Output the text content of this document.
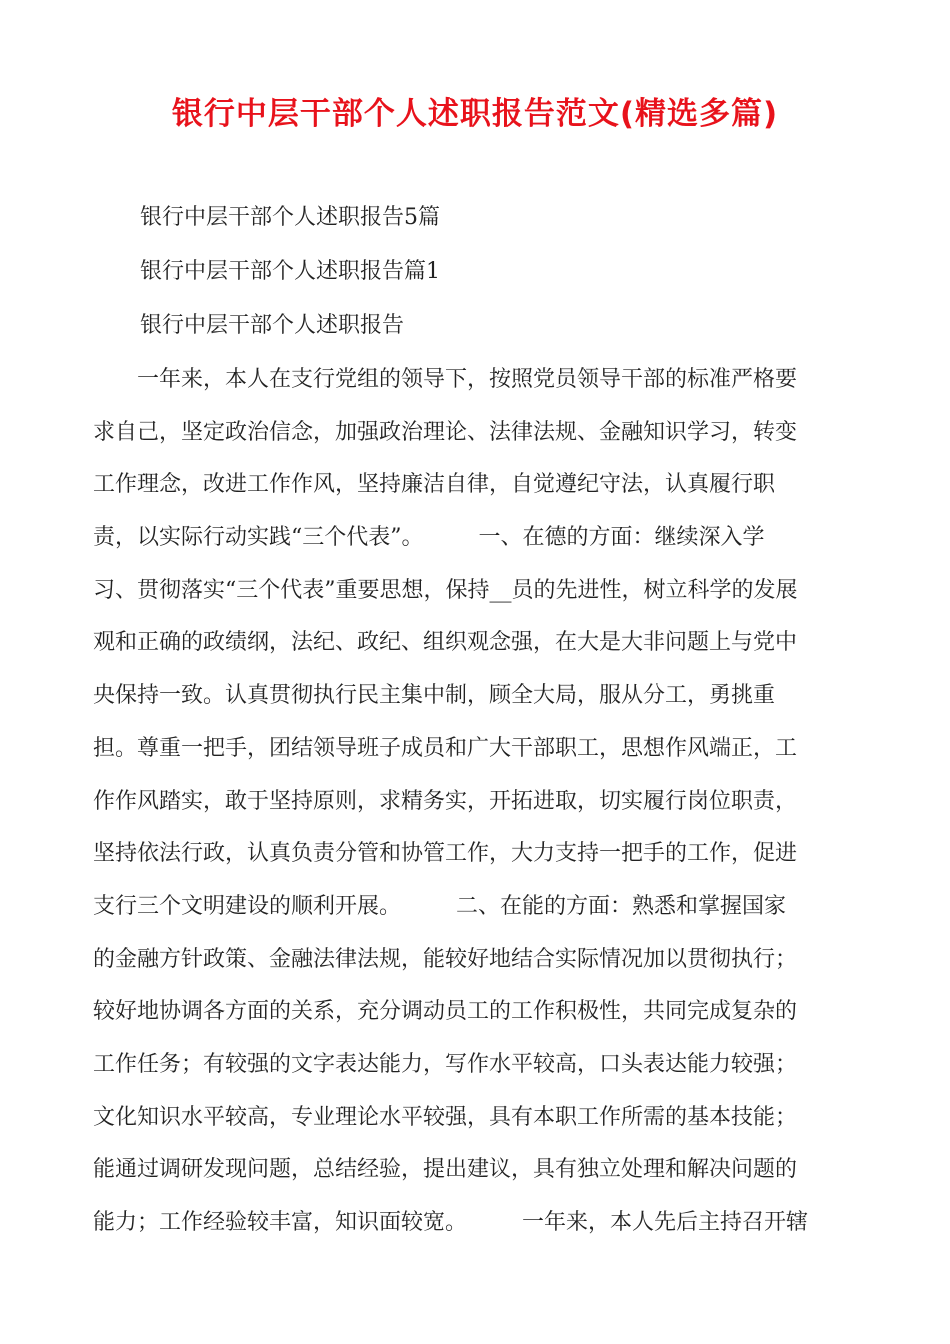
银行中层干部个人述职报告范文(精选多篇)
银行中层干部个人述职报告5篇
银行中层干部个人述职报告篇1
银行中层干部个人述职报告
　　一年来，本人在支行党组的领导下，按照党员领导干部的标准严格要
求自己，坚定政治信念，加强政治理论、法律法规、金融知识学习，转变
工作理念，改进工作作风，坚持廉洁自律，自觉遵纪守法，认真履行职
责，以实际行动实践“三个代表”。　　　一、在德的方面：继续深入学
习、贯彻落实“三个代表”重要思想，保持__员的先进性，树立科学的发展
观和正确的政绩纲，法纪、政纪、组织观念强，在大是大非问题上与党中
央保持一致。认真贯彻执行民主集中制，顾全大局，服从分工，勇挑重
担。尊重一把手，团结领导班子成员和广大干部职工，思想作风端正，工
作作风踏实，敢于坚持原则，求精务实，开拓进取，切实履行岗位职责，
坚持依法行政，认真负责分管和协管工作，大力支持一把手的工作，促进
支行三个文明建设的顺利开展。　　　二、在能的方面：熟悉和掌握国家
的金融方针政策、金融法律法规，能较好地结合实际情况加以贯彻执行；
较好地协调各方面的关系，充分调动员工的工作积极性，共同完成复杂的
工作任务；有较强的文字表达能力，写作水平较高，口头表达能力较强；
文化知识水平较高，专业理论水平较强，具有本职工作所需的基本技能；
能通过调研发现问题，总结经验，提出建议，具有独立处理和解决问题的
能力；工作经验较丰富，知识面较宽。　　　一年来，本人先后主持召开辖
